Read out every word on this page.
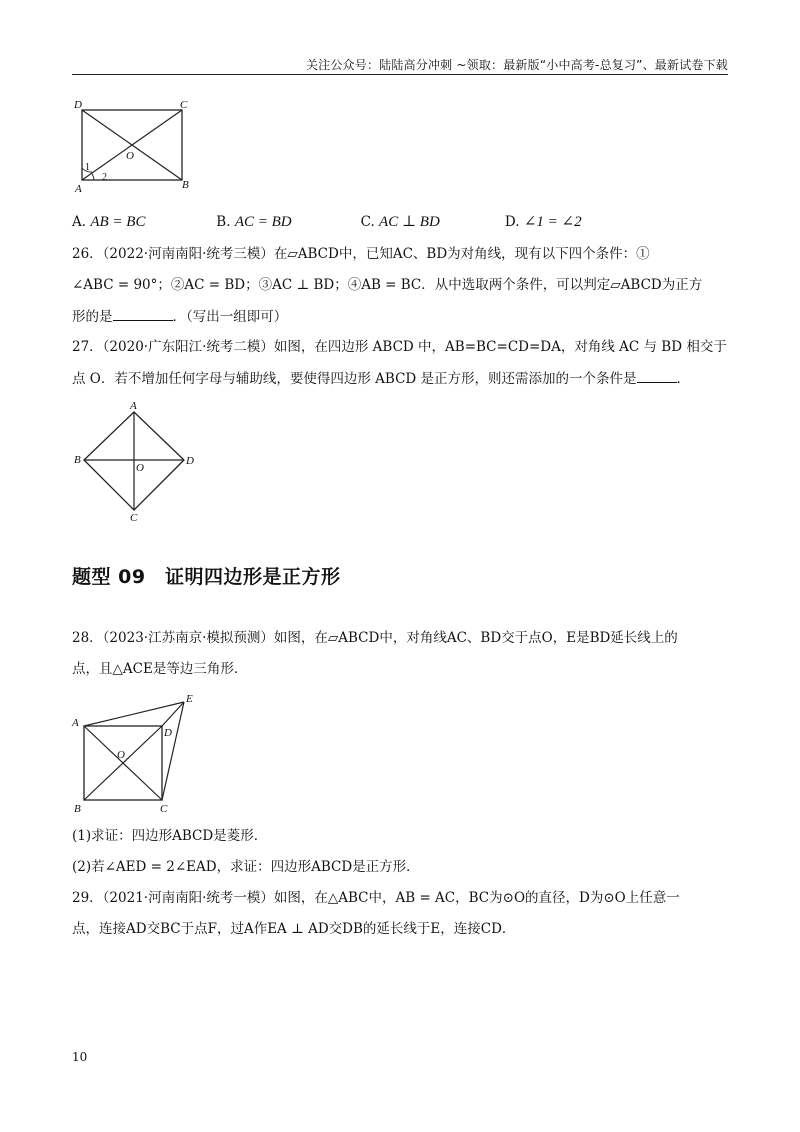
关注公众号：陆陆高分冲刺 ~领取：最新版“小中高考-总复习”、最新试卷下载
D	C
A	B
O
1
2
A. AB = BC	B. AC = BD	C. AC ⊥ BD	D. ∠1 = ∠2
26．（2022·河南南阳·统考三模）在▱ABCD中，已知AC、BD为对角线，现有以下四个条件：①
∠ABC = 90°；②AC = BD；③AC ⊥ BD；④AB = BC．从中选取两个条件，可以判定▱ABCD为正方
形的是	．（写出一组即可）
27．（2020·广东阳江·统考二模）如图，在四边形 ABCD 中，AB=BC=CD=DA，对角线 AC 与 BD 相交于
点 O．若不增加任何字母与辅助线，要使得四边形 ABCD 是正方形，则还需添加的一个条件是	．
A
B
C
D
O
题型 09　证明四边形是正方形
28．（2023·江苏南京·模拟预测）如图，在▱ABCD中，对角线AC、BD交于点O，E是BD延长线上的
点，且△ACE是等边三角形．
A
B	C
D
E
O
(1)求证：四边形ABCD是菱形．
(2)若∠AED = 2∠EAD，求证：四边形ABCD是正方形．
29．（2021·河南南阳·统考一模）如图，在△ABC中，AB = AC，BC为⊙O的直径，D为⊙O上任意一
点，连接AD交BC于点F，过A作EA ⊥ AD交DB的延长线于E，连接CD．
10
